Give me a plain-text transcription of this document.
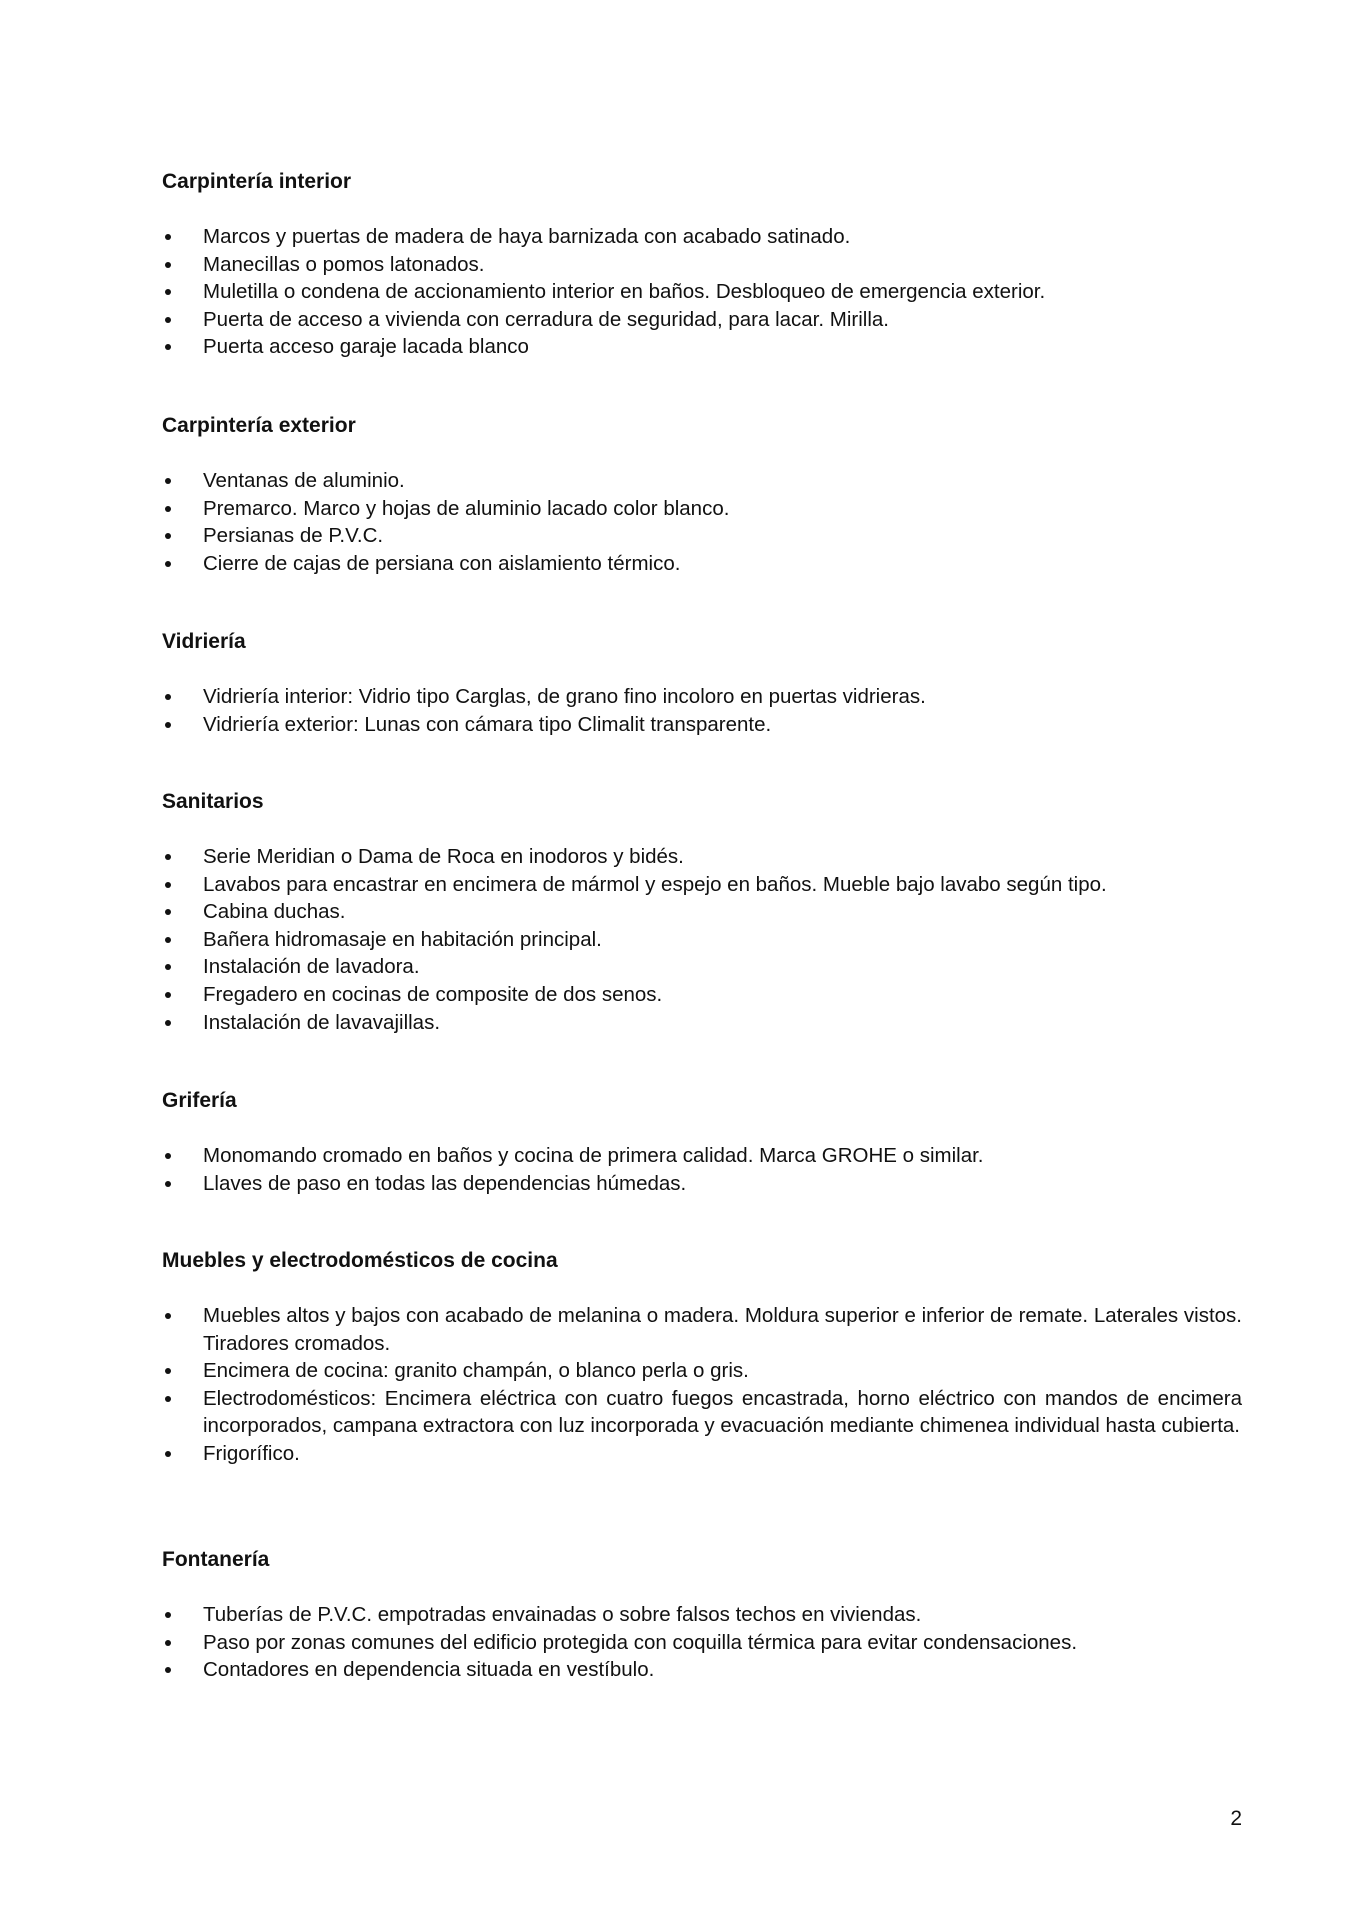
Carpintería interior
Marcos y puertas de madera de haya barnizada con acabado satinado.
Manecillas o pomos latonados.
Muletilla o condena de accionamiento interior en baños. Desbloqueo de emergencia exterior.
Puerta de acceso a vivienda con cerradura de seguridad, para lacar. Mirilla.
Puerta acceso garaje lacada blanco
Carpintería exterior
Ventanas de aluminio.
Premarco. Marco y hojas de aluminio lacado color blanco.
Persianas de P.V.C.
Cierre de cajas de persiana con aislamiento térmico.
Vidriería
Vidriería interior: Vidrio tipo Carglas, de grano fino incoloro en puertas vidrieras.
Vidriería exterior: Lunas con cámara tipo Climalit transparente.
Sanitarios
Serie Meridian o Dama de Roca en inodoros y bidés.
Lavabos para encastrar en encimera de mármol y espejo en baños. Mueble bajo lavabo según tipo.
Cabina duchas.
Bañera hidromasaje en habitación principal.
Instalación de lavadora.
Fregadero en cocinas de composite de dos senos.
Instalación de lavavajillas.
Grifería
Monomando cromado en baños y cocina de primera calidad. Marca GROHE o similar.
Llaves de paso en todas las dependencias húmedas.
Muebles y electrodomésticos de cocina
Muebles altos y bajos con acabado de melanina o madera. Moldura superior e inferior de remate. Laterales vistos. Tiradores cromados.
Encimera de cocina: granito champán, o blanco perla o gris.
Electrodomésticos: Encimera eléctrica con cuatro fuegos encastrada, horno eléctrico con mandos de encimera incorporados, campana extractora con luz incorporada y evacuación mediante chimenea individual hasta cubierta.
Frigorífico.
Fontanería
Tuberías de P.V.C. empotradas envainadas o sobre falsos techos en viviendas.
Paso por zonas comunes del edificio protegida con coquilla térmica para evitar condensaciones.
Contadores en dependencia situada en vestíbulo.
2
